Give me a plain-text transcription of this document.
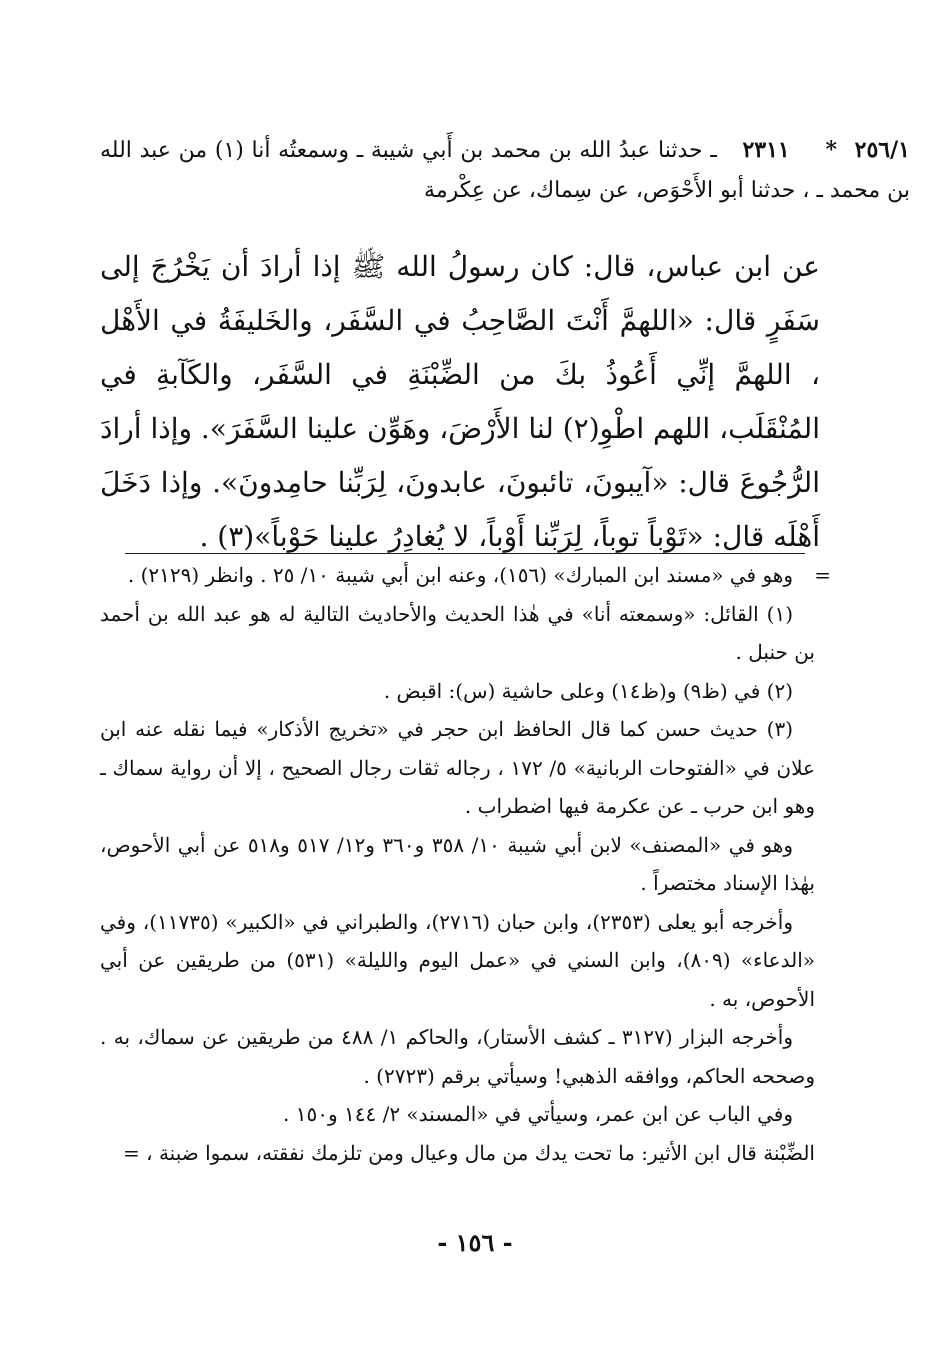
٢٥٦/١ * ٢٣١١ ـ حدثنا عبدُ الله بن محمد بن أَبي شيبة ـ وسمعتُه أنا (١) من عبد الله بن محمد ـ ، حدثنا أبو الأَحْوَص، عن سِماك، عن عِكْرمة
عن ابن عباس، قال: كان رسولُ الله ﷺ إذا أرادَ أن يَخْرُجَ إلى سَفَرٍ قال: «اللهمَّ أَنْتَ الصَّاحِبُ في السَّفَر، والخَليفَةُ في الأَهْل ، اللهمَّ إنِّي أَعُوذُ بكَ من الضِّبْنَةِ في السَّفَر، والكَآبةِ في المُنْقَلَب، اللهم اطْوِ(٢) لنا الأَرْضَ، وهَوِّن علينا السَّفَرَ». وإذا أرادَ الرُّجُوعَ قال: «آيبونَ، تائبونَ، عابدونَ، لِرَبِّنا حامِدونَ». وإذا دَخَلَ أَهْلَه قال: «تَوْباً توباً، لِرَبِّنا أَوْباً، لا يُغادِرُ علينا حَوْباً»(٣) .

=
وهو في «مسند ابن المبارك» (١٥٦)، وعنه ابن أبي شيبة ١٠/ ٢٥ . وانظر (٢١٢٩) .

(١) القائل: «وسمعته أنا» في هٰذا الحديث والأحاديث التالية له هو عبد الله بن أحمد بن حنبل .

(٢) في (ظ٩) و(ظ١٤) وعلى حاشية (س): اقبض .

(٣) حديث حسن كما قال الحافظ ابن حجر في «تخريج الأذكار» فيما نقله عنه ابن علان في «الفتوحات الربانية» ٥/ ١٧٢ ، رجاله ثقات رجال الصحيح ، إلا أن رواية سماك ـ وهو ابن حرب ـ عن عكرمة فيها اضطراب .

وهو في «المصنف» لابن أبي شيبة ١٠/ ٣٥٨ و٣٦٠ و١٢/ ٥١٧ و٥١٨ عن أبي الأحوص، بهٰذا الإسناد مختصراً .

وأخرجه أبو يعلى (٢٣٥٣)، وابن حبان (٢٧١٦)، والطبراني في «الكبير» (١١٧٣٥)، وفي «الدعاء» (٨٠٩)، وابن السني في «عمل اليوم والليلة» (٥٣١) من طريقين عن أبي الأحوص، به .

وأخرجه البزار (٣١٢٧ ـ كشف الأستار)، والحاكم ١/ ٤٨٨ من طريقين عن سماك، به . وصححه الحاكم، ووافقه الذهبي! وسيأتي برقم (٢٧٢٣) .

وفي الباب عن ابن عمر، وسيأتي في «المسند» ٢/ ١٤٤ و١٥٠ .

الضِّبْنة قال ابن الأثير: ما تحت يدك من مال وعيال ومن تلزمك نفقته، سموا ضبنة ، =

- ١٥٦ -
